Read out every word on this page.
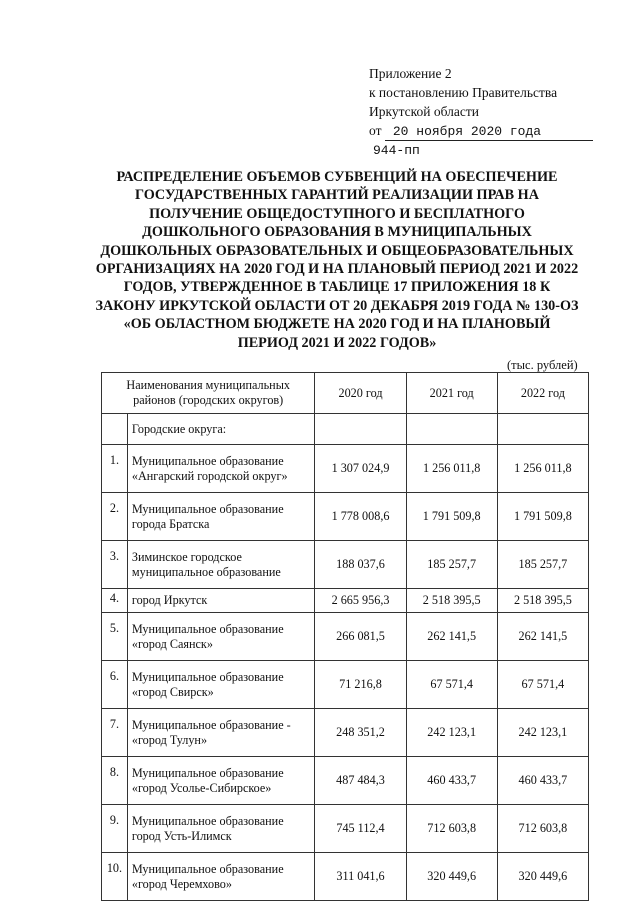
Приложение 2
к постановлению Правительства
Иркутской области
от 20 ноября 2020 года
944-пп
РАСПРЕДЕЛЕНИЕ ОБЪЕМОВ СУБВЕНЦИЙ НА ОБЕСПЕЧЕНИЕ ГОСУДАРСТВЕННЫХ ГАРАНТИЙ РЕАЛИЗАЦИИ ПРАВ НА ПОЛУЧЕНИЕ ОБЩЕДОСТУПНОГО И БЕСПЛАТНОГО ДОШКОЛЬНОГО ОБРАЗОВАНИЯ В МУНИЦИПАЛЬНЫХ ДОШКОЛЬНЫХ ОБРАЗОВАТЕЛЬНЫХ И ОБЩЕОБРАЗОВАТЕЛЬНЫХ ОРГАНИЗАЦИЯХ НА 2020 ГОД И НА ПЛАНОВЫЙ ПЕРИОД 2021 И 2022 ГОДОВ, УТВЕРЖДЕННОЕ В ТАБЛИЦЕ 17 ПРИЛОЖЕНИЯ 18 К ЗАКОНУ ИРКУТСКОЙ ОБЛАСТИ ОТ 20 ДЕКАБРЯ 2019 ГОДА № 130-ОЗ «ОБ ОБЛАСТНОМ БЮДЖЕТЕ НА 2020 ГОД И НА ПЛАНОВЫЙ ПЕРИОД 2021 И 2022 ГОДОВ»
(тыс. рублей)
Наименования муниципальных районов (городских округов)		2020 год	2021 год	2022 год
	Городские округа:			
1.	Муниципальное образование «Ангарский городской округ»	1 307 024,9	1 256 011,8	1 256 011,8
2.	Муниципальное образование города Братска	1 778 008,6	1 791 509,8	1 791 509,8
3.	Зиминское городское муниципальное образование	188 037,6	185 257,7	185 257,7
4.	город Иркутск	2 665 956,3	2 518 395,5	2 518 395,5
5.	Муниципальное образование «город Саянск»	266 081,5	262 141,5	262 141,5
6.	Муниципальное образование «город Свирск»	71 216,8	67 571,4	67 571,4
7.	Муниципальное образование - «город Тулун»	248 351,2	242 123,1	242 123,1
8.	Муниципальное образование «город Усолье-Сибирское»	487 484,3	460 433,7	460 433,7
9.	Муниципальное образование город Усть-Илимск	745 112,4	712 603,8	712 603,8
10.	Муниципальное образование «город Черемхово»	311 041,6	320 449,6	320 449,6
